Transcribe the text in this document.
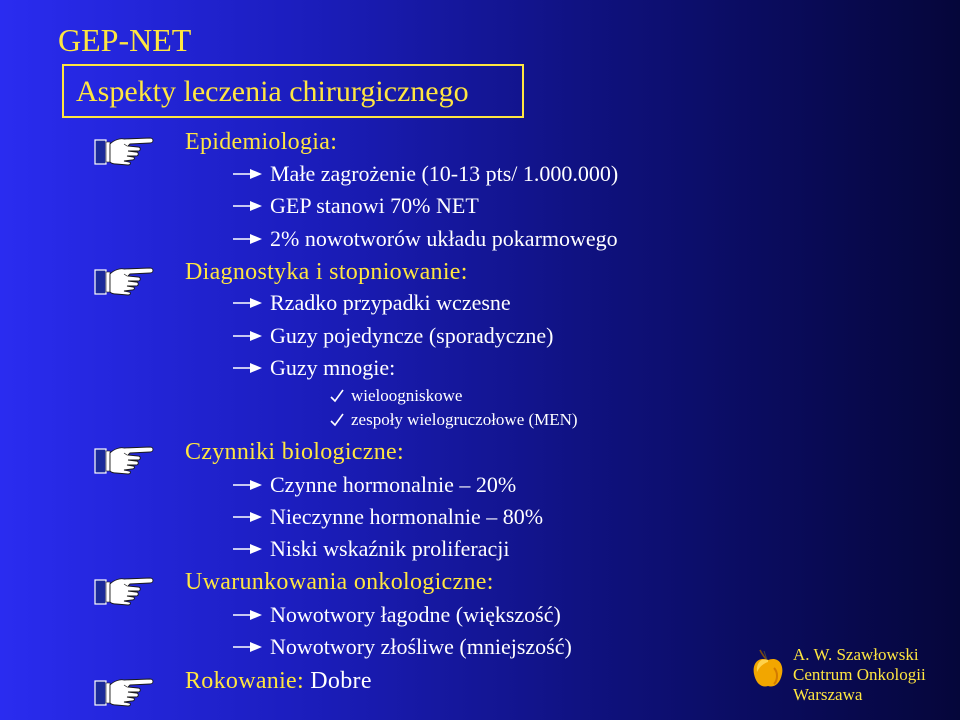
GEP-NET
Aspekty leczenia chirurgicznego
Epidemiologia:
Małe zagrożenie (10-13 pts/ 1.000.000)
GEP stanowi 70% NET
2% nowotworów układu pokarmowego
Diagnostyka i stopniowanie:
Rzadko przypadki wczesne
Guzy pojedyncze (sporadyczne)
Guzy mnogie:
wieloogniskowe
zespoły wielogruczołowe (MEN)
Czynniki biologiczne:
Czynne hormonalnie – 20%
Nieczynne hormonalnie – 80%
Niski wskaźnik proliferacji
Uwarunkowania onkologiczne:
Nowotwory łagodne (większość)
Nowotwory złośliwe (mniejszość)
Rokowanie: Dobre
A. W. Szawłowski
Centrum Onkologii
Warszawa
